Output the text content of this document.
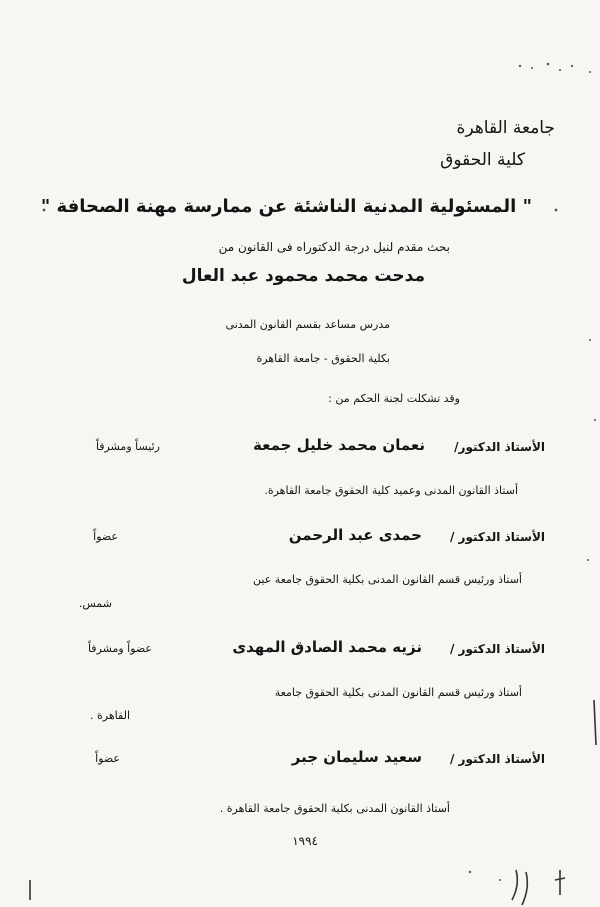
جامعة القاهرة
كلية الحقوق
" المسئولية المدنية الناشئة عن ممارسة مهنة الصحافة "
بحث مقدم لنيل درجة الدكتوراه فى القانون من
مدحت محمد محمود عبد العال
مدرس مساعد بقسم القانون المدنى
بكلية الحقوق - جامعة القاهرة
وقد تشكلت لجنة الحكم من :
الأستاذ الدكتور/
نعمان محمد خليل جمعة
رئيساً ومشرفاً
أستاذ القانون المدنى وعميد كلية الحقوق جامعة القاهرة.
الأستاذ الدكتور /
حمدى عبد الرحمن
عضواً
أستاذ ورئيس قسم القانون المدنى بكلية الحقوق جامعة عين
شمس.
الأستاذ الدكتور /
نزيه محمد الصادق المهدى
عضواً ومشرفاً
أستاذ ورئيس قسم القانون المدنى بكلية الحقوق جامعة
القاهرة .
الأستاذ الدكتور /
سعيد سليمان جبر
عضواً
أستاذ القانون المدنى بكلية الحقوق جامعة القاهرة .
١٩٩٤
